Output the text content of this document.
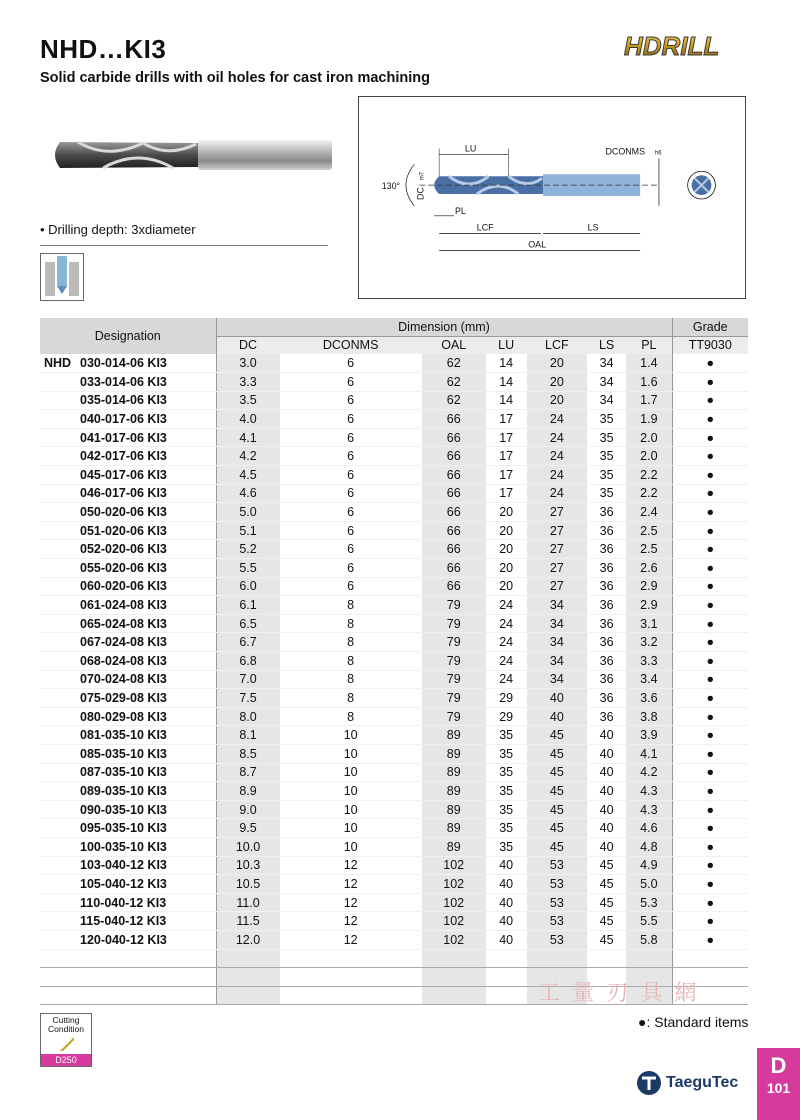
NHD…KI3
Solid carbide drills with oil holes for cast iron machining
HDRILL
• Drilling depth: 3xdiameter
LU	DCONMS h6
130°
DC
m7
PL
LCF	LS
OAL
Designation	Dimension (mm)							Grade
	DC	DCONMS	OAL	LU	LCF	LS	PL	TT9030
NHD 030-014-06 KI3	3.0	6	62	14	20	34	1.4	●
033-014-06 KI3	3.3	6	62	14	20	34	1.6	●
035-014-06 KI3	3.5	6	62	14	20	34	1.7	●
040-017-06 KI3	4.0	6	66	17	24	35	1.9	●
041-017-06 KI3	4.1	6	66	17	24	35	2.0	●
042-017-06 KI3	4.2	6	66	17	24	35	2.0	●
045-017-06 KI3	4.5	6	66	17	24	35	2.2	●
046-017-06 KI3	4.6	6	66	17	24	35	2.2	●
050-020-06 KI3	5.0	6	66	20	27	36	2.4	●
051-020-06 KI3	5.1	6	66	20	27	36	2.5	●
052-020-06 KI3	5.2	6	66	20	27	36	2.5	●
055-020-06 KI3	5.5	6	66	20	27	36	2.6	●
060-020-06 KI3	6.0	6	66	20	27	36	2.9	●
061-024-08 KI3	6.1	8	79	24	34	36	2.9	●
065-024-08 KI3	6.5	8	79	24	34	36	3.1	●
067-024-08 KI3	6.7	8	79	24	34	36	3.2	●
068-024-08 KI3	6.8	8	79	24	34	36	3.3	●
070-024-08 KI3	7.0	8	79	24	34	36	3.4	●
075-029-08 KI3	7.5	8	79	29	40	36	3.6	●
080-029-08 KI3	8.0	8	79	29	40	36	3.8	●
081-035-10 KI3	8.1	10	89	35	45	40	3.9	●
085-035-10 KI3	8.5	10	89	35	45	40	4.1	●
087-035-10 KI3	8.7	10	89	35	45	40	4.2	●
089-035-10 KI3	8.9	10	89	35	45	40	4.3	●
090-035-10 KI3	9.0	10	89	35	45	40	4.3	●
095-035-10 KI3	9.5	10	89	35	45	40	4.6	●
100-035-10 KI3	10.0	10	89	35	45	40	4.8	●
103-040-12 KI3	10.3	12	102	40	53	45	4.9	●
105-040-12 KI3	10.5	12	102	40	53	45	5.0	●
110-040-12 KI3	11.0	12	102	40	53	45	5.3	●
115-040-12 KI3	11.5	12	102	40	53	45	5.5	●
120-040-12 KI3	12.0	12	102	40	53	45	5.8	●

工 量 刃 具 網
●: Standard items
Cutting Condition
D250
TaeguTec
D
101
